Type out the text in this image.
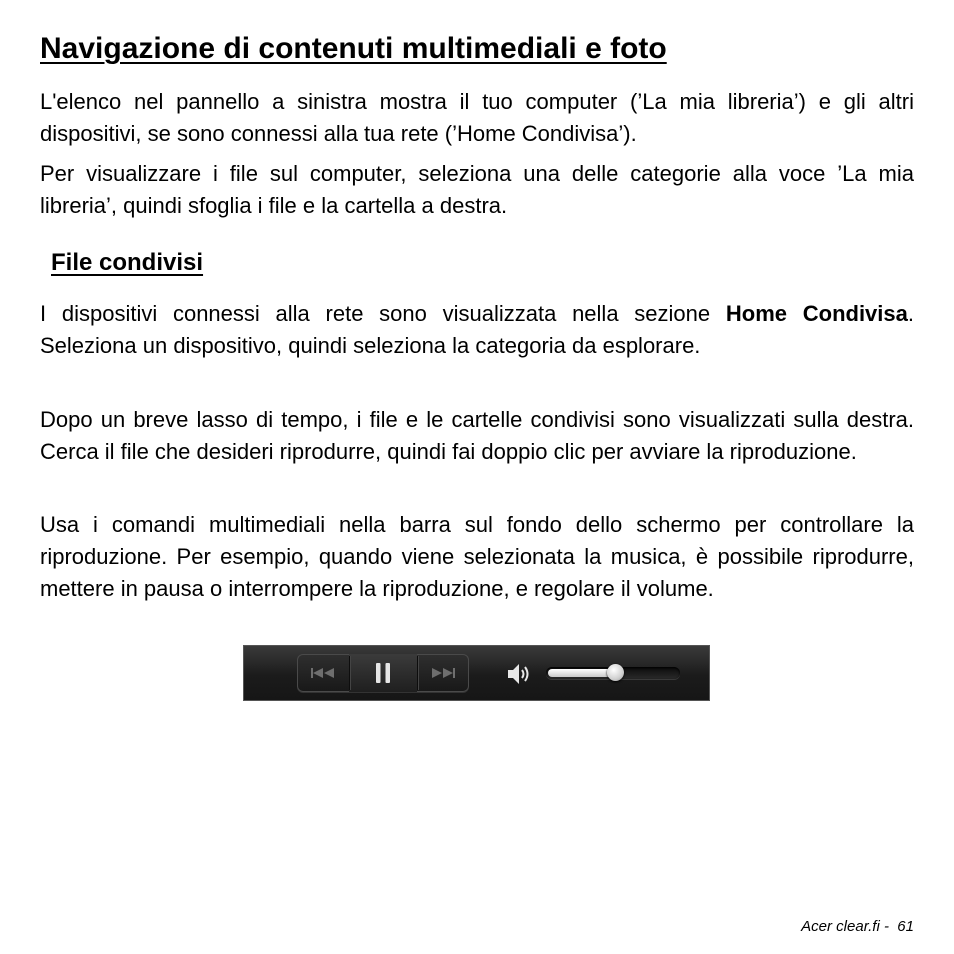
Navigazione di contenuti multimediali e foto

L'elenco nel pannello a sinistra mostra il tuo computer (’La mia libreria’) e gli altri dispositivi, se sono connessi alla tua rete (’Home Condivisa’).

Per visualizzare i file sul computer, seleziona una delle categorie alla voce ’La mia libreria’, quindi sfoglia i file e la cartella a destra.

File condivisi

I dispositivi connessi alla rete sono visualizzata nella sezione Home Condivisa. Seleziona un dispositivo, quindi seleziona la categoria da esplorare.

Dopo un breve lasso di tempo, i file e le cartelle condivisi sono visualizzati sulla destra. Cerca il file che desideri riprodurre, quindi fai doppio clic per avviare la riproduzione.

Usa i comandi multimediali nella barra sul fondo dello schermo per controllare la riproduzione. Per esempio, quando viene selezionata la musica, è possibile riprodurre, mettere in pausa o interrompere la riproduzione, e regolare il volume.

Acer clear.fi -  61
